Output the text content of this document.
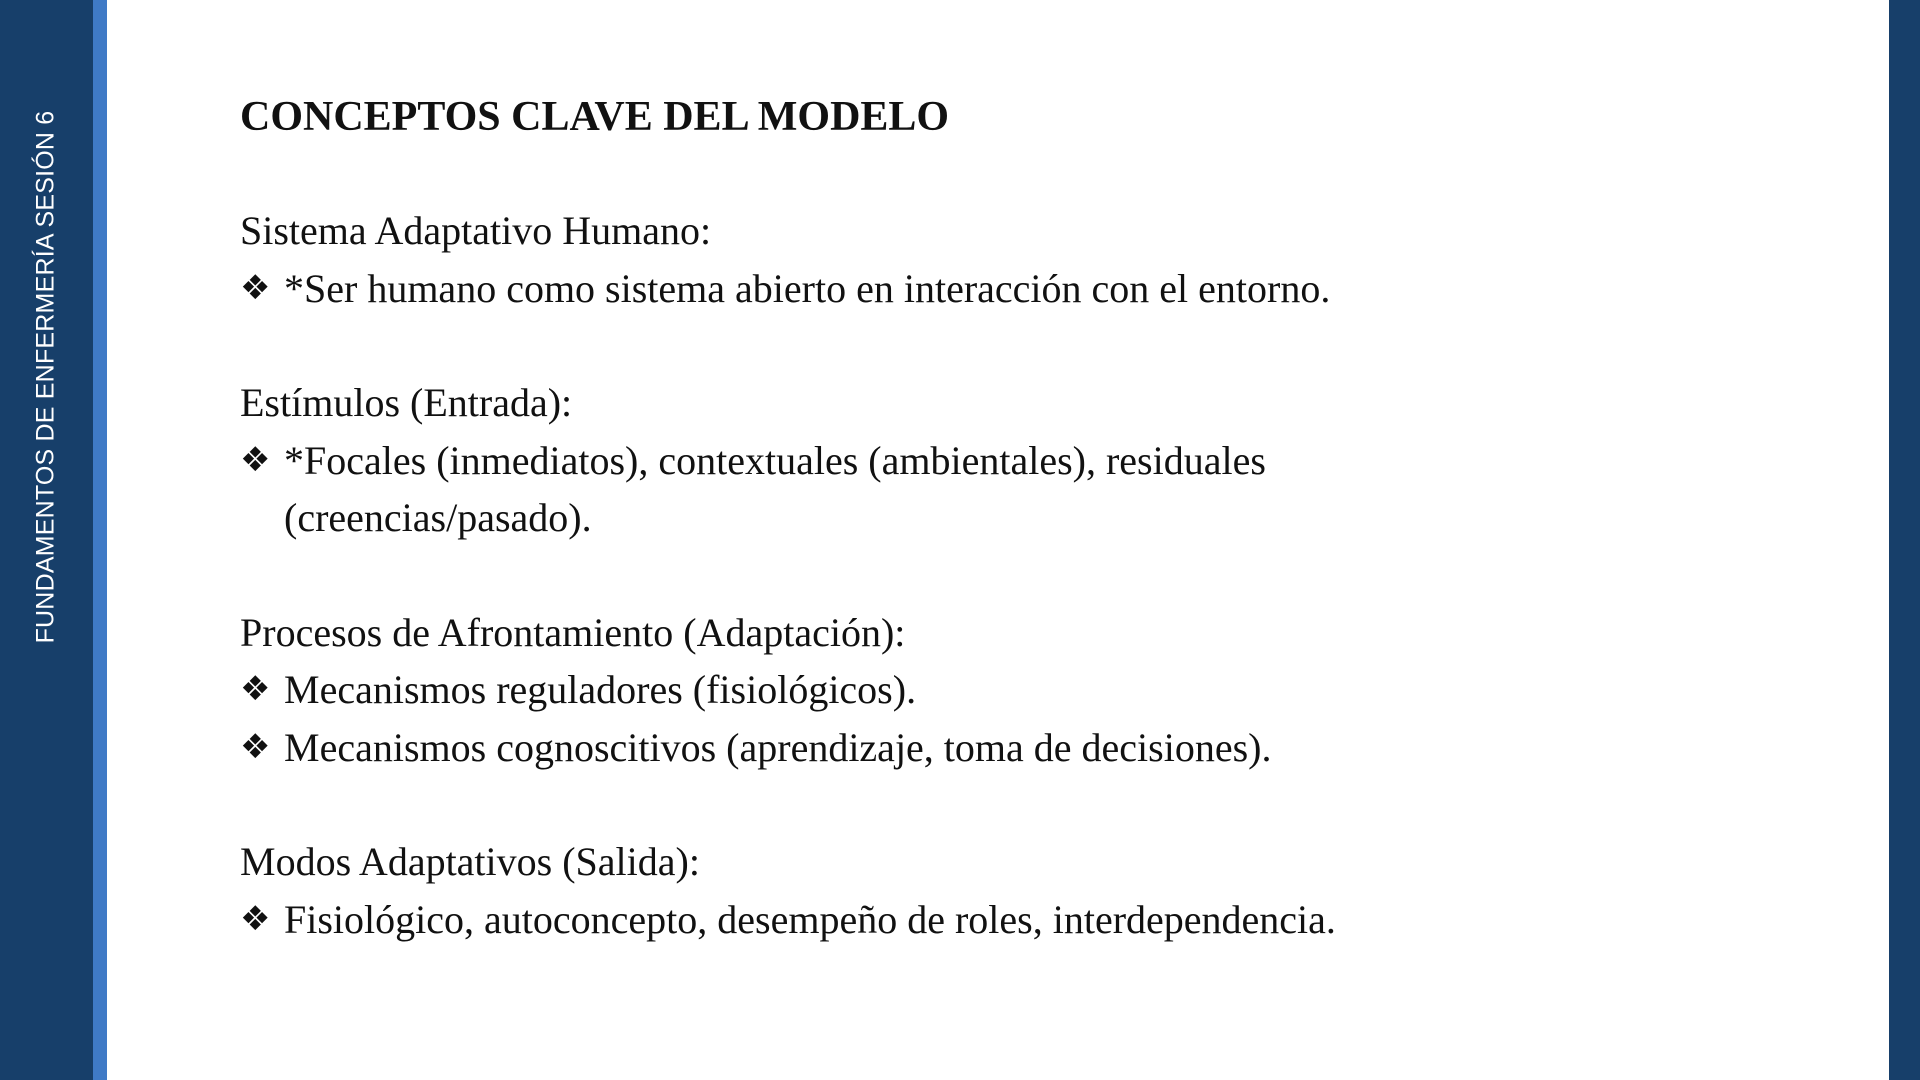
FUNDAMENTOS DE ENFERMERÍA SESIÓN 6	CONCEPTOS CLAVE DEL MODELO

Sistema Adaptativo Humano:

❖ *Ser humano como sistema abierto en interacción con el entorno.

Estímulos (Entrada):

❖ *Focales (inmediatos), contextuales (ambientales), residuales (creencias/pasado).

Procesos de Afrontamiento (Adaptación):

❖ Mecanismos reguladores (fisiológicos).
❖ Mecanismos cognoscitivos (aprendizaje, toma de decisiones).

Modos Adaptativos (Salida):

❖ Fisiológico, autoconcepto, desempeño de roles, interdependencia.
